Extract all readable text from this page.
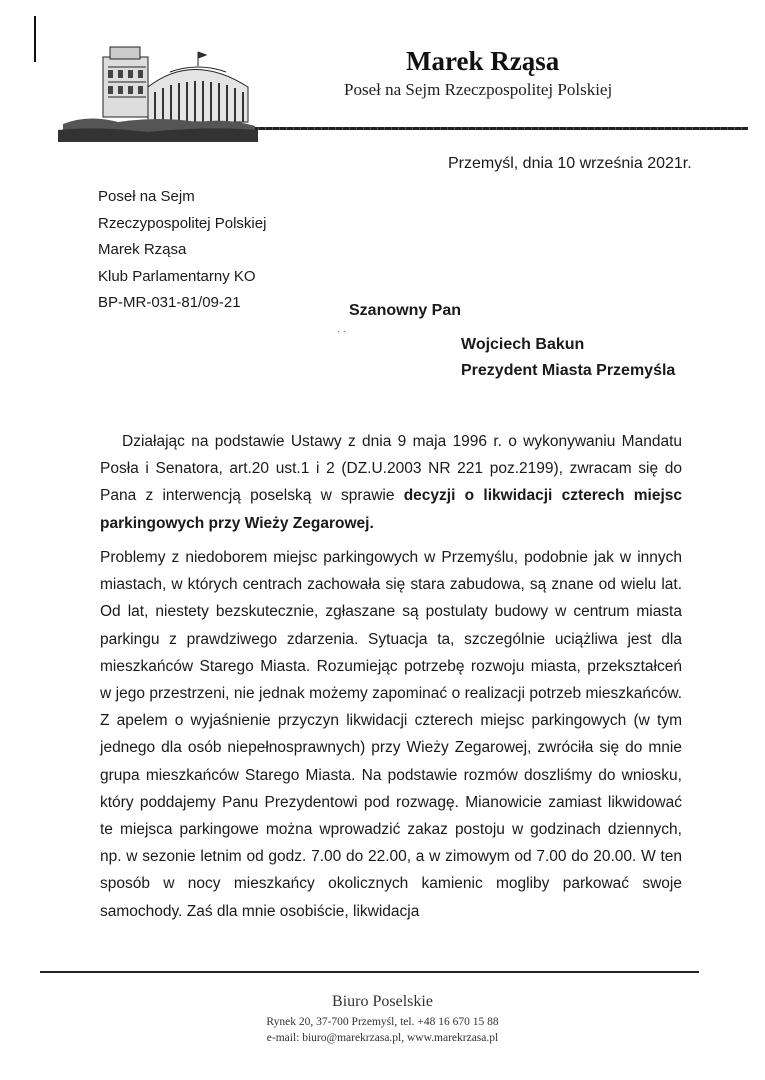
Marek Rząsa
Poseł na Sejm Rzeczpospolitej Polskiej
Przemyśl, dnia 10 września 2021r.
Poseł na Sejm
Rzeczypospolitej Polskiej
Marek Rząsa
Klub Parlamentarny KO
BP-MR-031-81/09-21	Szanowny Pan
· ·
Wojciech Bakun
Prezydent Miasta Przemyśla
Działając na podstawie Ustawy z dnia 9 maja 1996 r. o wykonywaniu Mandatu Posła i Senatora, art.20 ust.1 i 2 (DZ.U.2003 NR 221 poz.2199), zwracam się do Pana z interwencją poselską w sprawie decyzji o likwidacji czterech miejsc parkingowych przy Wieży Zegarowej.
Problemy z niedoborem miejsc parkingowych w Przemyślu, podobnie jak w innych miastach, w których centrach zachowała się stara zabudowa, są znane od wielu lat. Od lat, niestety bezskutecznie, zgłaszane są postulaty budowy w centrum miasta parkingu z prawdziwego zdarzenia. Sytuacja ta, szczególnie uciążliwa jest dla mieszkańców Starego Miasta. Rozumiejąc potrzebę rozwoju miasta, przekształceń w jego przestrzeni, nie jednak możemy zapominać o realizacji potrzeb mieszkańców. Z apelem o wyjaśnienie przyczyn likwidacji czterech miejsc parkingowych (w tym jednego dla osób niepełnosprawnych) przy Wieży Zegarowej, zwróciła się do mnie grupa mieszkańców Starego Miasta. Na podstawie rozmów doszliśmy do wniosku, który poddajemy Panu Prezydentowi pod rozwagę. Mianowicie zamiast likwidować te miejsca parkingowe można wprowadzić zakaz postoju w godzinach dziennych, np. w sezonie letnim od godz. 7.00 do 22.00, a w zimowym od 7.00 do 20.00. W ten sposób w nocy mieszkańcy okolicznych kamienic mogliby parkować swoje samochody. Zaś dla mnie osobiście, likwidacja
Biuro Poselskie
Rynek 20, 37-700 Przemyśl, tel. +48 16 670 15 88
e-mail: biuro@marekrzasa.pl, www.marekrzasa.pl
